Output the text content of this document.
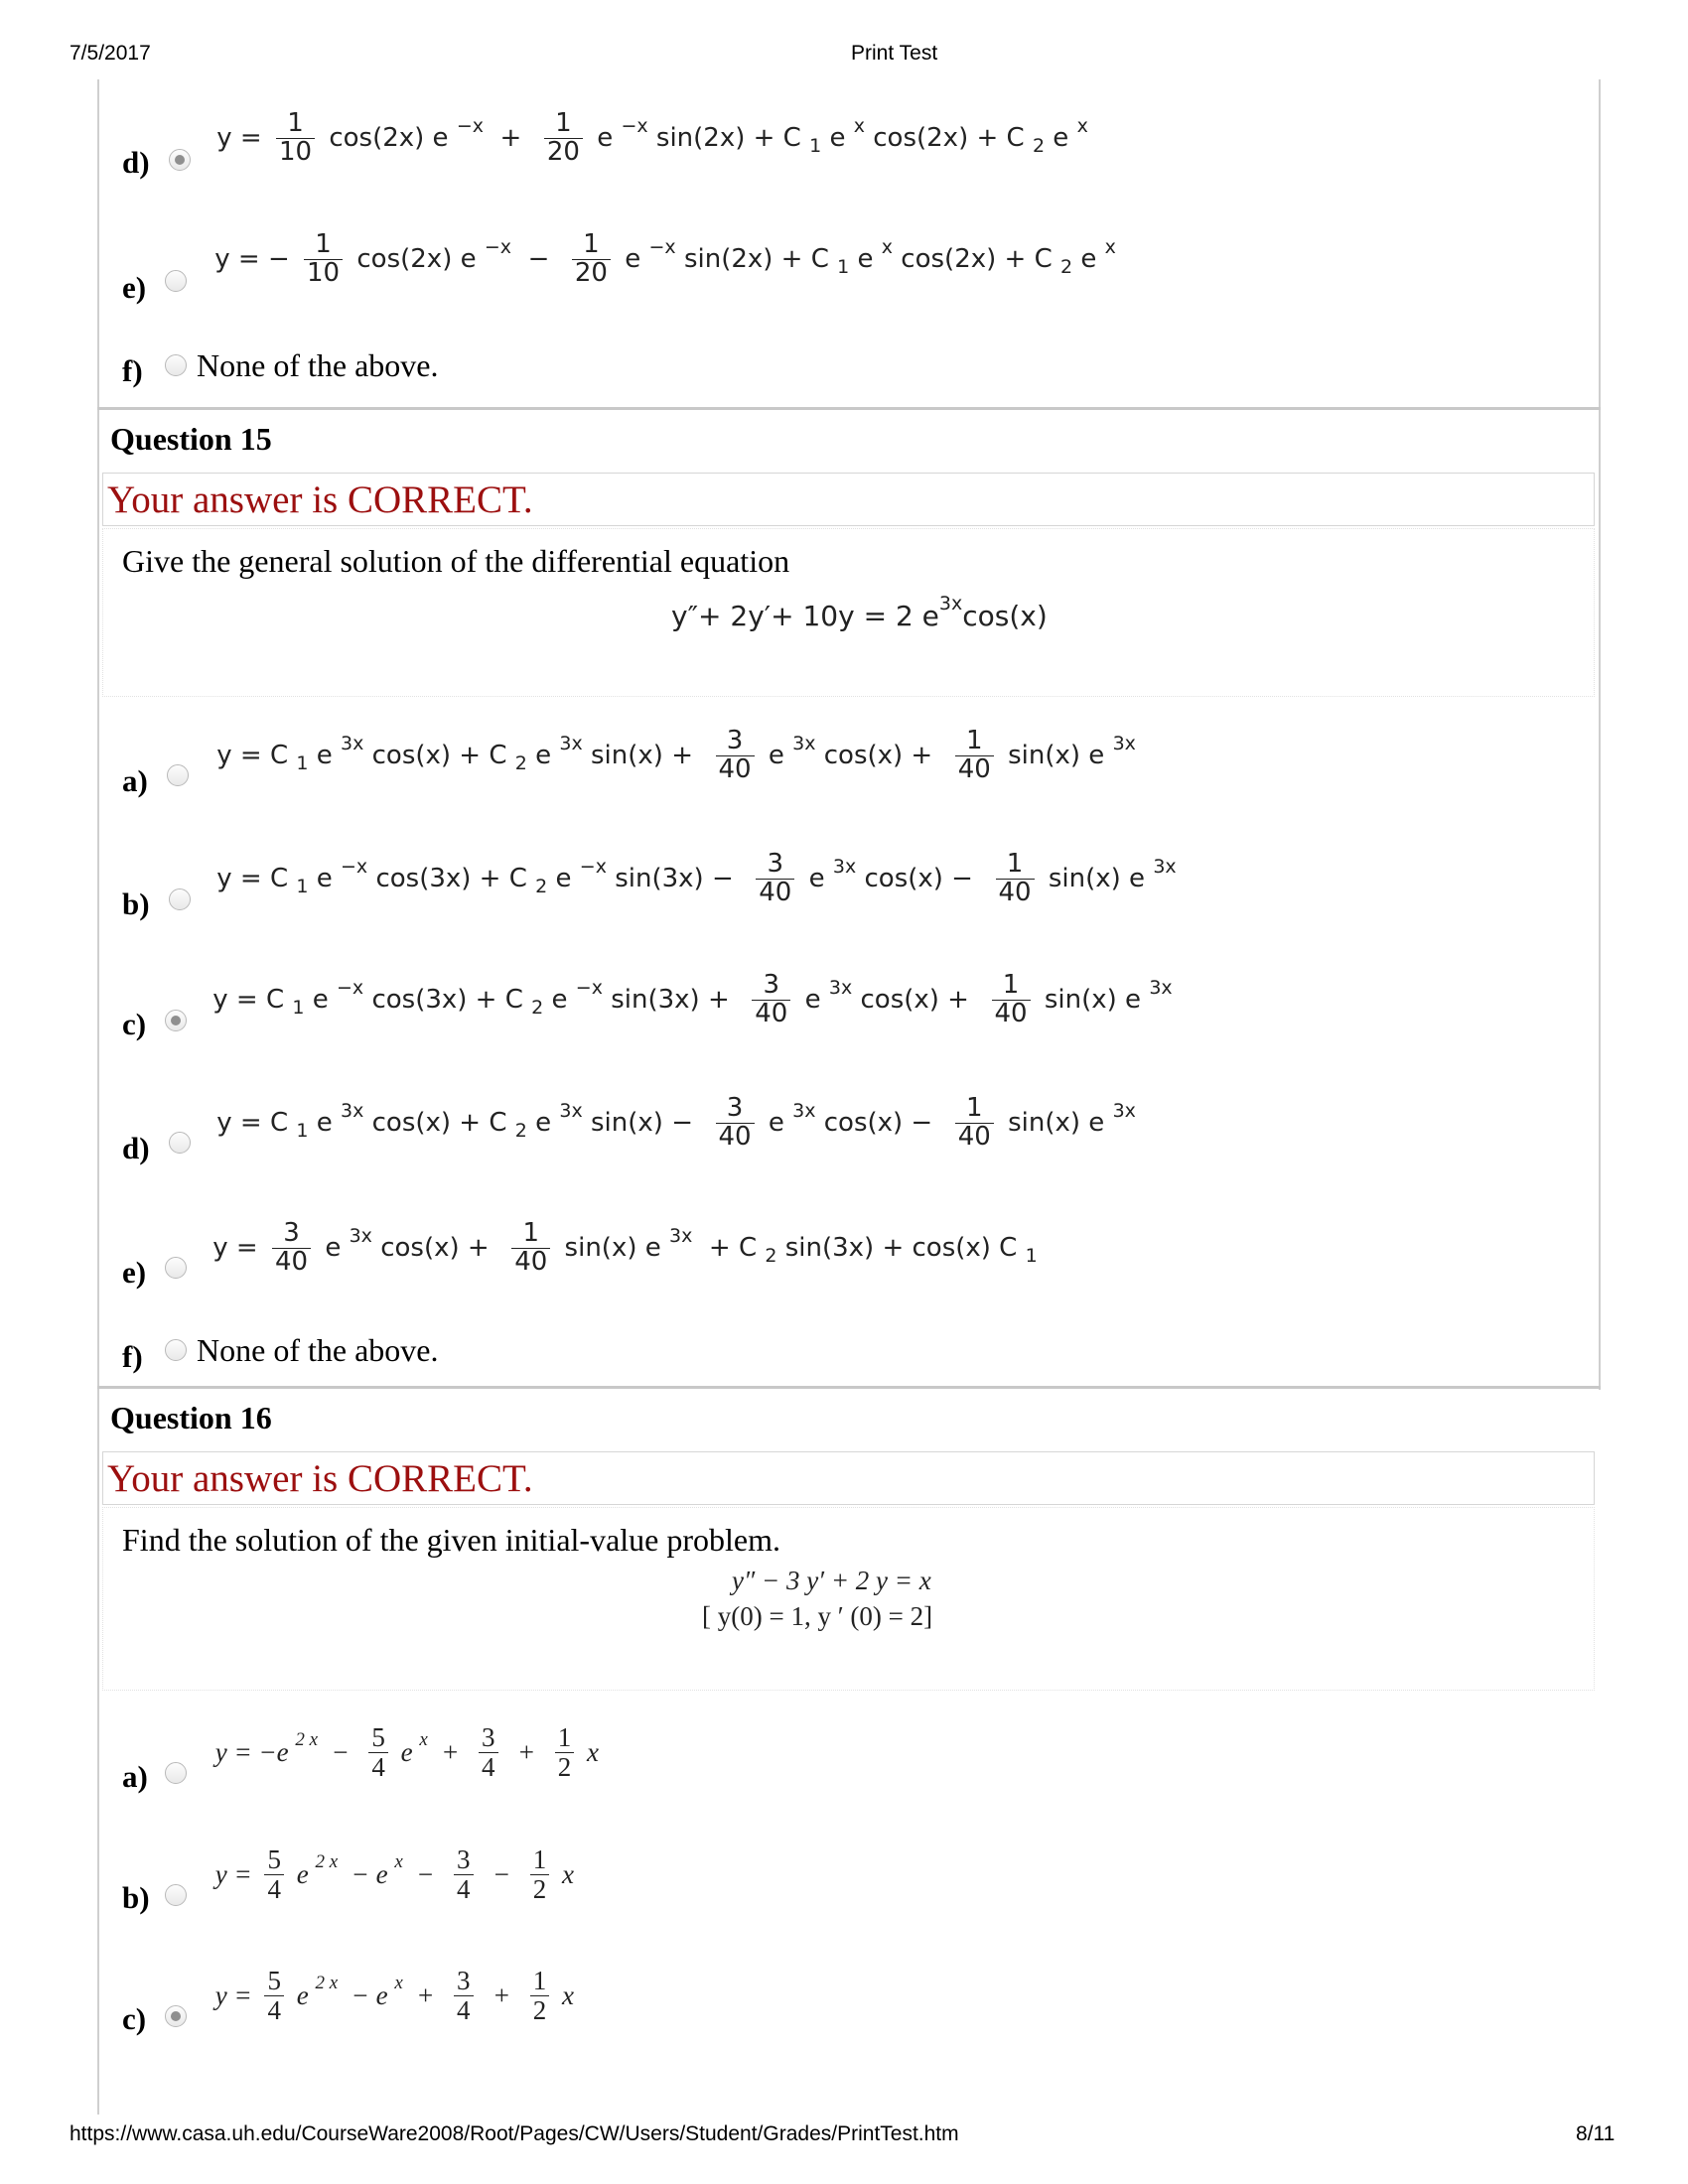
7/5/2017	Print Test
https://www.casa.uh.edu/CourseWare2008/Root/Pages/CW/Users/Student/Grades/PrintTest.htm	8/11
d)
$y = \frac{1}{10} \cos(2x)$ e $^{-x} + \frac{1}{20}$ e $^{-x}$ sin(2x) + C $_1$ e $^x$ cos(2x) + C $_2$ e $^x$
e)
y = − $\frac{1}{10} \cos(2x)$ e $^{-x} - \frac{1}{20}$ e $^{-x}$ sin(2x) + C $_1$ e $^x$ cos(2x) + C $_2$ e $^x$
f)	None of the above.
Question 15
Your answer is CORRECT.
Give the general solution of the differential equation
y″+ 2y′+ 10y = 2 $e^{3x}$ cos(x)
a)
y = C $_1$ e $^{3x}$ cos(x) + C $_2$ e $^{3x}$ $\sin(x) + \frac{3}{40}$ e $^{3x}$ $\cos(x) + \frac{1}{40} \sin(x)$ e $^{3x}$
b)
y = C $_1$ e $^{-x}$ cos(3x) + C $_2$ e $^{-x}$ $\sin(3x) - \frac{3}{40}$ e $^{3x}$ $\cos(x) - \frac{1}{40} \sin(x)$ e $^{3x}$
c)
y = C $_1$ e $^{-x}$ cos(3x) + C $_2$ e $^{-x}$ $\sin(3x) + \frac{3}{40}$ e $^{3x}$ $\cos(x) + \frac{1}{40} \sin(x)$ e $^{3x}$
d)
y = C $_1$ e $^{3x}$ cos(x) + C $_2$ e $^{3x}$ $\sin(x) - \frac{3}{40}$ e $^{3x}$ $\cos(x) - \frac{1}{40} \sin(x)$ e $^{3x}$
e)
$y = \frac{3}{40}$ e $^{3x}$ $\cos(x) + \frac{1}{40} \sin(x)$ e $^{3x}$ + C $_2$ sin(3x) + cos(x) C $_1$
f)	None of the above.
Question 16
Your answer is CORRECT.
Find the solution of the given initial-value problem.
y″ − 3 y′ + 2 y = x
[ y(0) = 1, y ′ (0) = 2]
a)
y = −e $^{2 x} - \frac{5}{4}$ e $^x + \frac{3}{4} + \frac{1}{2}$ x
b)
$y = \frac{5}{4}$ e $^{2 x}$ − e $^x - \frac{3}{4} - \frac{1}{2}$ x
c)
$y = \frac{5}{4}$ e $^{2 x}$ − e $^x + \frac{3}{4} + \frac{1}{2}$ x
